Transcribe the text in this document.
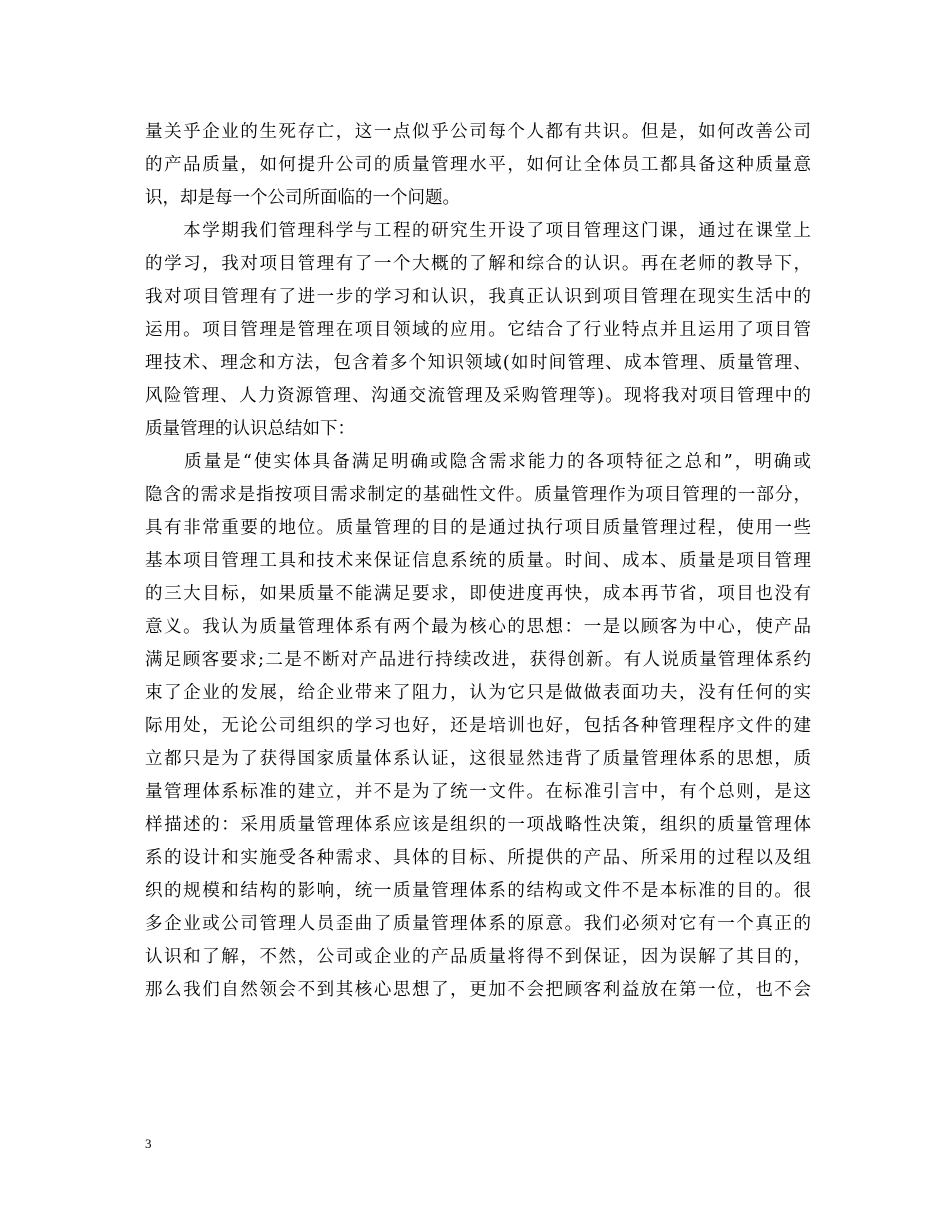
量关乎企业的生死存亡，这一点似乎公司每个人都有共识。但是，如何改善公司
的产品质量，如何提升公司的质量管理水平，如何让全体员工都具备这种质量意
识，却是每一个公司所面临的一个问题。
　　本学期我们管理科学与工程的研究生开设了项目管理这门课，通过在课堂上
的学习，我对项目管理有了一个大概的了解和综合的认识。再在老师的教导下，
我对项目管理有了进一步的学习和认识，我真正认识到项目管理在现实生活中的
运用。项目管理是管理在项目领域的应用。它结合了行业特点并且运用了项目管
理技术、理念和方法，包含着多个知识领域(如时间管理、成本管理、质量管理、
风险管理、人力资源管理、沟通交流管理及采购管理等)。现将我对项目管理中的
质量管理的认识总结如下：
　　质量是“使实体具备满足明确或隐含需求能力的各项特征之总和”，明确或
隐含的需求是指按项目需求制定的基础性文件。质量管理作为项目管理的一部分，
具有非常重要的地位。质量管理的目的是通过执行项目质量管理过程，使用一些
基本项目管理工具和技术来保证信息系统的质量。时间、成本、质量是项目管理
的三大目标，如果质量不能满足要求，即使进度再快，成本再节省，项目也没有
意义。我认为质量管理体系有两个最为核心的思想：一是以顾客为中心，使产品
满足顾客要求;二是不断对产品进行持续改进，获得创新。有人说质量管理体系约
束了企业的发展，给企业带来了阻力，认为它只是做做表面功夫，没有任何的实
际用处，无论公司组织的学习也好，还是培训也好，包括各种管理程序文件的建
立都只是为了获得国家质量体系认证，这很显然违背了质量管理体系的思想，质
量管理体系标准的建立，并不是为了统一文件。在标准引言中，有个总则，是这
样描述的：采用质量管理体系应该是组织的一项战略性决策，组织的质量管理体
系的设计和实施受各种需求、具体的目标、所提供的产品、所采用的过程以及组
织的规模和结构的影响，统一质量管理体系的结构或文件不是本标准的目的。很
多企业或公司管理人员歪曲了质量管理体系的原意。我们必须对它有一个真正的
认识和了解，不然，公司或企业的产品质量将得不到保证，因为误解了其目的，
那么我们自然领会不到其核心思想了，更加不会把顾客利益放在第一位，也不会
3
